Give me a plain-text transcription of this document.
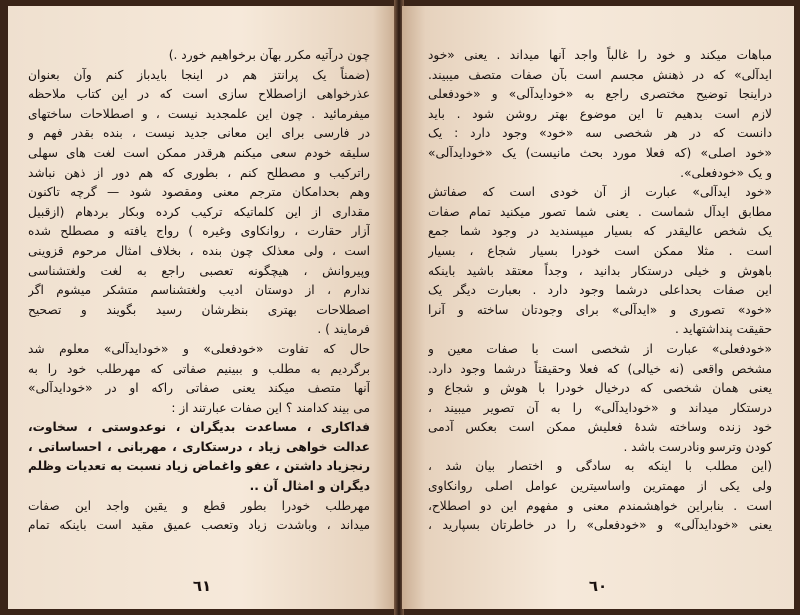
چون درآتیه مکرر بهآن برخواهیم خورد .)
(ضمناً یک پرانتز هم در اینجا بایدباز کنم وآن بعنوان
عذرخواهی ازاصطلاح سازی است که در این کتاب ملاحظه
میفرمائید . چون این علمجدید نیست ، و اصطلاحات ساختهای
در فارسی برای این معانی جدید نیست ، بنده بقدر فهم و
سلیقه خودم سعی میکنم هرقدر ممکن است لغت های سهلی
راترکیب و مصطلح کنم ، بطوری که هم دور از ذهن نباشد
وهم بحدامکان مترجم معنی ومقصود شود — گرچه تاکنون
مقداری از این کلماتیکه ترکیب کرده وبکار بردهام (ازقبیل
آزار حقارت ، روانکاوی وغیره ) رواج یافته و مصطلح شده
است ، ولی معذلک چون بنده ، بخلاف امثال مرحوم قزوینی
وپیروانش ، هیچگونه تعصبی راجع به لغت ولغتشناسی
ندارم ، از دوستان ادیب ولغتشناسم متشکر میشوم اگر
اصطلاحات بهتری بنظرشان رسید بگویند و تصحیح
فرمایند ) .
حال که تفاوت «خودفعلی» و «خودایدآلی» معلوم شد
برگردیم به مطلب و ببینیم صفاتی که مهرطلب خود را به
آنها متصف میکند یعنی صفاتی راکه او در «خودایدآلی»
می بیند کدامند ؟ این صفات عبارتند از :
فداکاری ، مساعدت بدیگران ، نوعدوستی ، سخاوت،
عدالت خواهی زیاد ، درستکاری ، مهربانی ، احساساتی ،
رنجزیاد داشتن ، عفو واغماض زیاد نسبت به تعدیات وظلم
دیگران و امثال آن ..
مهرطلب خودرا بطور قطع و یقین واجد این صفات
میداند ، وباشدت زیاد وتعصب عمیق مقید است باینکه تمام
٦١
مباهات میکند و خود را غالباً واجد آنها میداند . یعنی «خود
ایدآلی» که در ذهنش مجسم است بآن صفات متصف میبیند.
دراینجا توضیح مختصری راجع به «خودایدآلی» و «خودفعلی
لازم است بدهیم تا این موضوع بهتر روشن شود . باید
دانست که در هر شخصی سه «خود» وجود دارد : یک
«خود اصلی» (که فعلا مورد بحث مانیست) یک «خودایدآلی»
و یک «خودفعلی».
«خود ایدآلی» عبارت از آن خودی است که صفاتش
مطابق ایدآل شماست . یعنی شما تصور میکنید تمام صفات
یک شخص عالیقدر که بسیار میپسندید در وجود شما جمع
است . مثلا ممکن است خودرا بسیار شجاع ، بسیار
باهوش و خیلی درستکار بدانید ، وجداً معتقد باشید باینکه
این صفات بحداعلی درشما وجود دارد . بعبارت دیگر یک
«خود» تصوری و «ایدآلی» برای وجودتان ساخته و آنرا
حقیقت پنداشتهاید .
«خودفعلی» عبارت از شخصی است با صفات معین و
مشخص واقعی (نه خیالی) که فعلا وحقیقتاً درشما وجود دارد.
یعنی همان شخصی که درخیال خودرا با هوش و شجاع و
درستکار میداند و «خودایدآلی» را به آن تصویر میبیند ،
خود زنده وساخته شدهٔ فعلیش ممکن است بعکس آدمی
کودن وترسو ونادرست باشد .
(این مطلب با اینکه به سادگی و اختصار بیان شد ،
ولی یکی از مهمترین واساسیترین عوامل اصلی روانکاوی
است . بنابراین خواهشمندم معنی و مفهوم این دو اصطلاح،
یعنی «خودایدآلی» و «خودفعلی» را در خاطرتان بسپارید ،
٦٠
